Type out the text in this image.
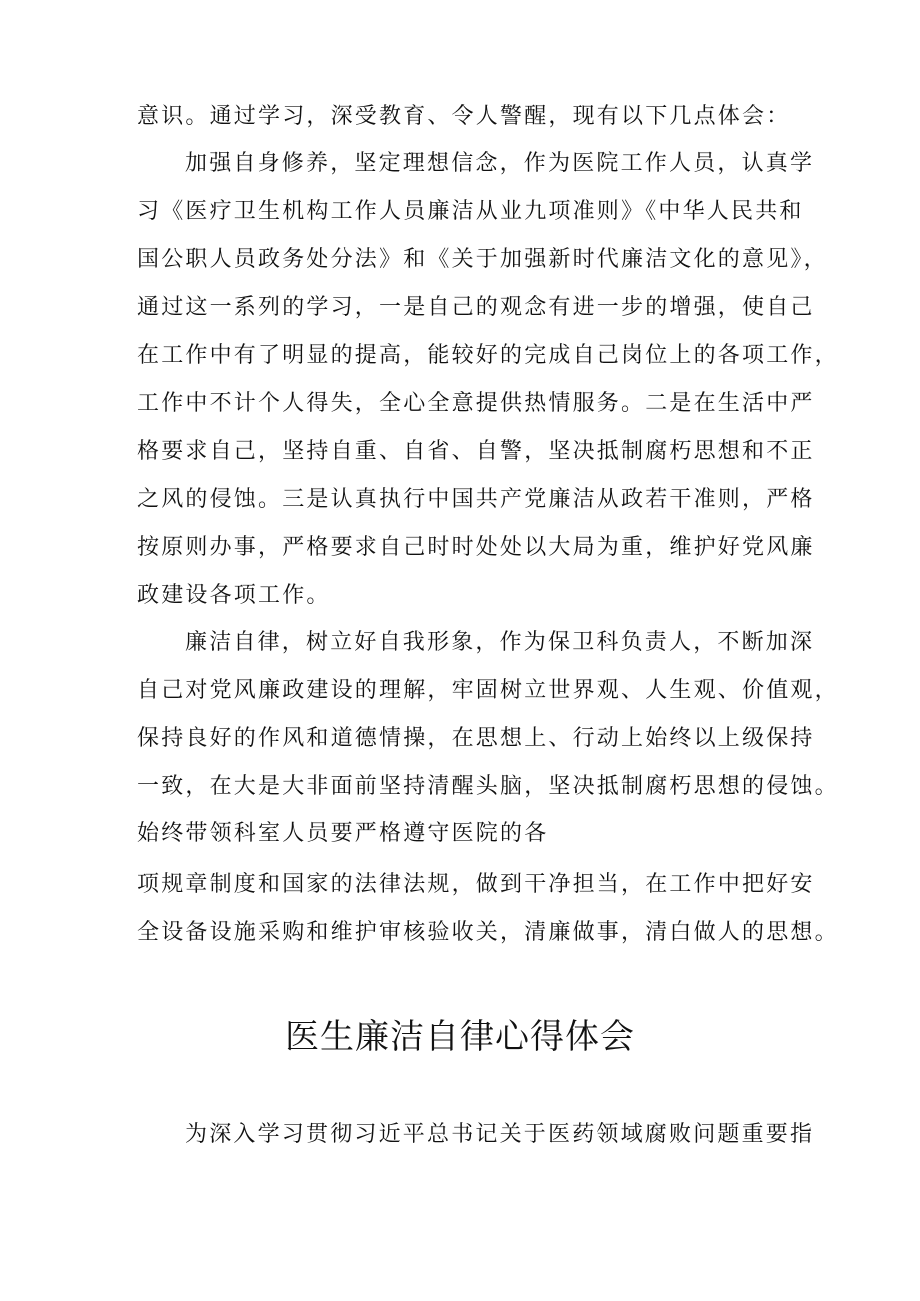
意识。通过学习，深受教育、令人警醒，现有以下几点体会：
加强自身修养，坚定理想信念，作为医院工作人员，认真学
习《医疗卫生机构工作人员廉洁从业九项准则》《中华人民共和
国公职人员政务处分法》和《关于加强新时代廉洁文化的意见》，
通过这一系列的学习，一是自己的观念有进一步的增强，使自己
在工作中有了明显的提高，能较好的完成自己岗位上的各项工作，
工作中不计个人得失，全心全意提供热情服务。二是在生活中严
格要求自己，坚持自重、自省、自警，坚决抵制腐朽思想和不正
之风的侵蚀。三是认真执行中国共产党廉洁从政若干准则，严格
按原则办事，严格要求自己时时处处以大局为重，维护好党风廉
政建设各项工作。
廉洁自律，树立好自我形象，作为保卫科负责人，不断加深
自己对党风廉政建设的理解，牢固树立世界观、人生观、价值观，
保持良好的作风和道德情操，在思想上、行动上始终以上级保持
一致，在大是大非面前坚持清醒头脑，坚决抵制腐朽思想的侵蚀。
始终带领科室人员要严格遵守医院的各
项规章制度和国家的法律法规，做到干净担当，在工作中把好安
全设备设施采购和维护审核验收关，清廉做事，清白做人的思想。
医生廉洁自律心得体会
为深入学习贯彻习近平总书记关于医药领域腐败问题重要指
